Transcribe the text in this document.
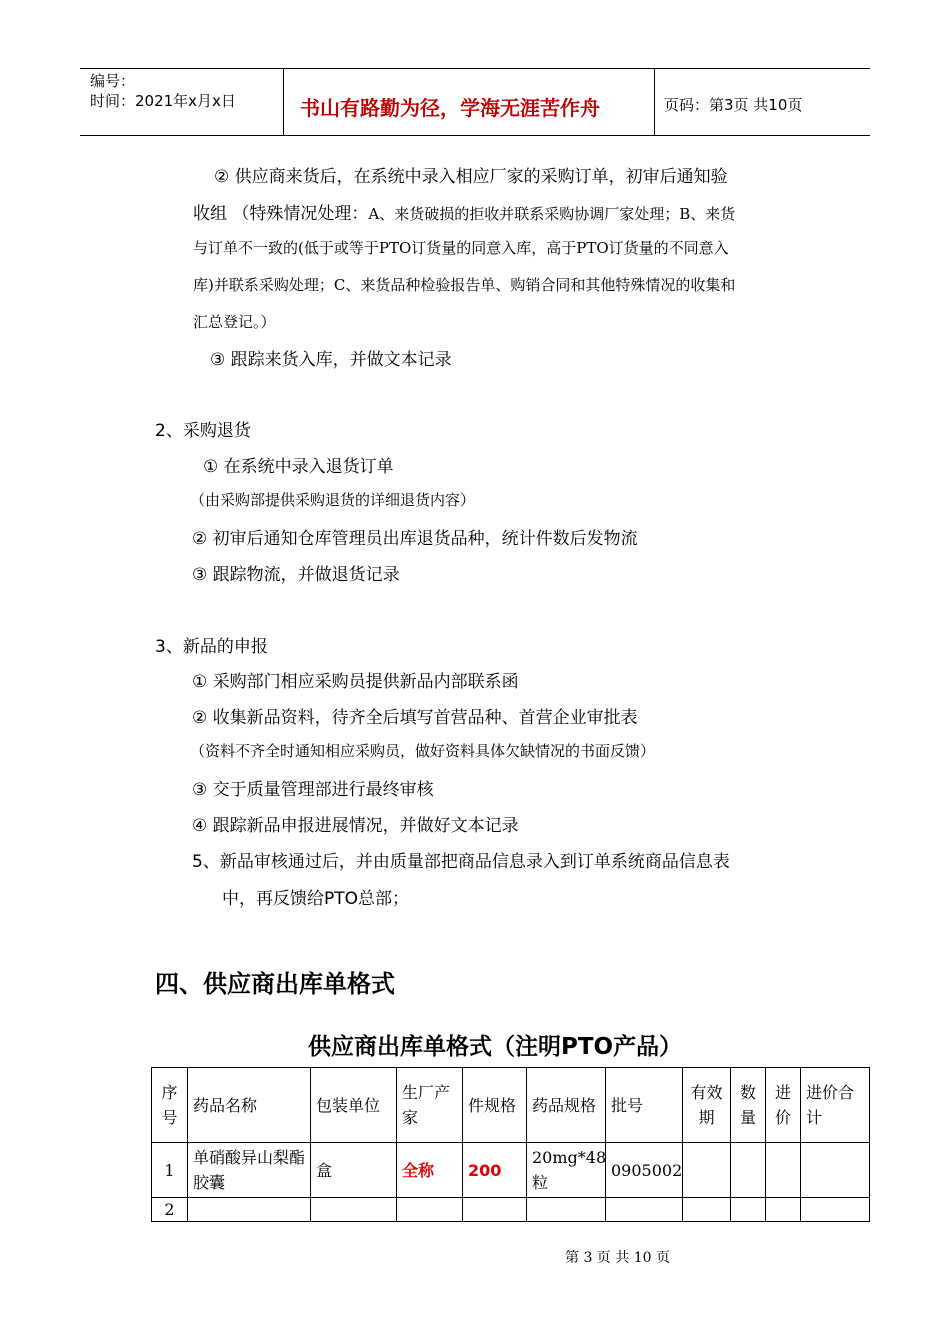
编号：
时间：2021年x月x日	书山有路勤为径，学海无涯苦作舟	页码：第3页 共10页
② 供应商来货后，在系统中录入相应厂家的采购订单，初审后通知验
收组 （特殊情况处理：A、来货破损的拒收并联系采购协调厂家处理；B、来货
与订单不一致的(低于或等于PTO订货量的同意入库，高于PTO订货量的不同意入
库)并联系采购处理；C、来货品种检验报告单、购销合同和其他特殊情况的收集和
汇总登记。）
③ 跟踪来货入库，并做文本记录
2、采购退货
① 在系统中录入退货订单
（由采购部提供采购退货的详细退货内容）
② 初审后通知仓库管理员出库退货品种，统计件数后发物流
③ 跟踪物流，并做退货记录
3、新品的申报
① 采购部门相应采购员提供新品内部联系函
② 收集新品资料，待齐全后填写首营品种、首营企业审批表
（资料不齐全时通知相应采购员，做好资料具体欠缺情况的书面反馈）
③ 交于质量管理部进行最终审核
④ 跟踪新品申报进展情况，并做好文本记录
5、新品审核通过后，并由质量部把商品信息录入到订单系统商品信息表
中，再反馈给PTO总部；
四、供应商出库单格式
供应商出库单格式（注明PTO产品）
序号	药品名称	包装单位	生厂产家	件规格	药品规格	批号	有效期	数量	进价	进价合计
1	单硝酸异山梨酯胶囊	盒	全称	200	20mg*48粒	0905002				
2										
第 3 页 共 10 页
